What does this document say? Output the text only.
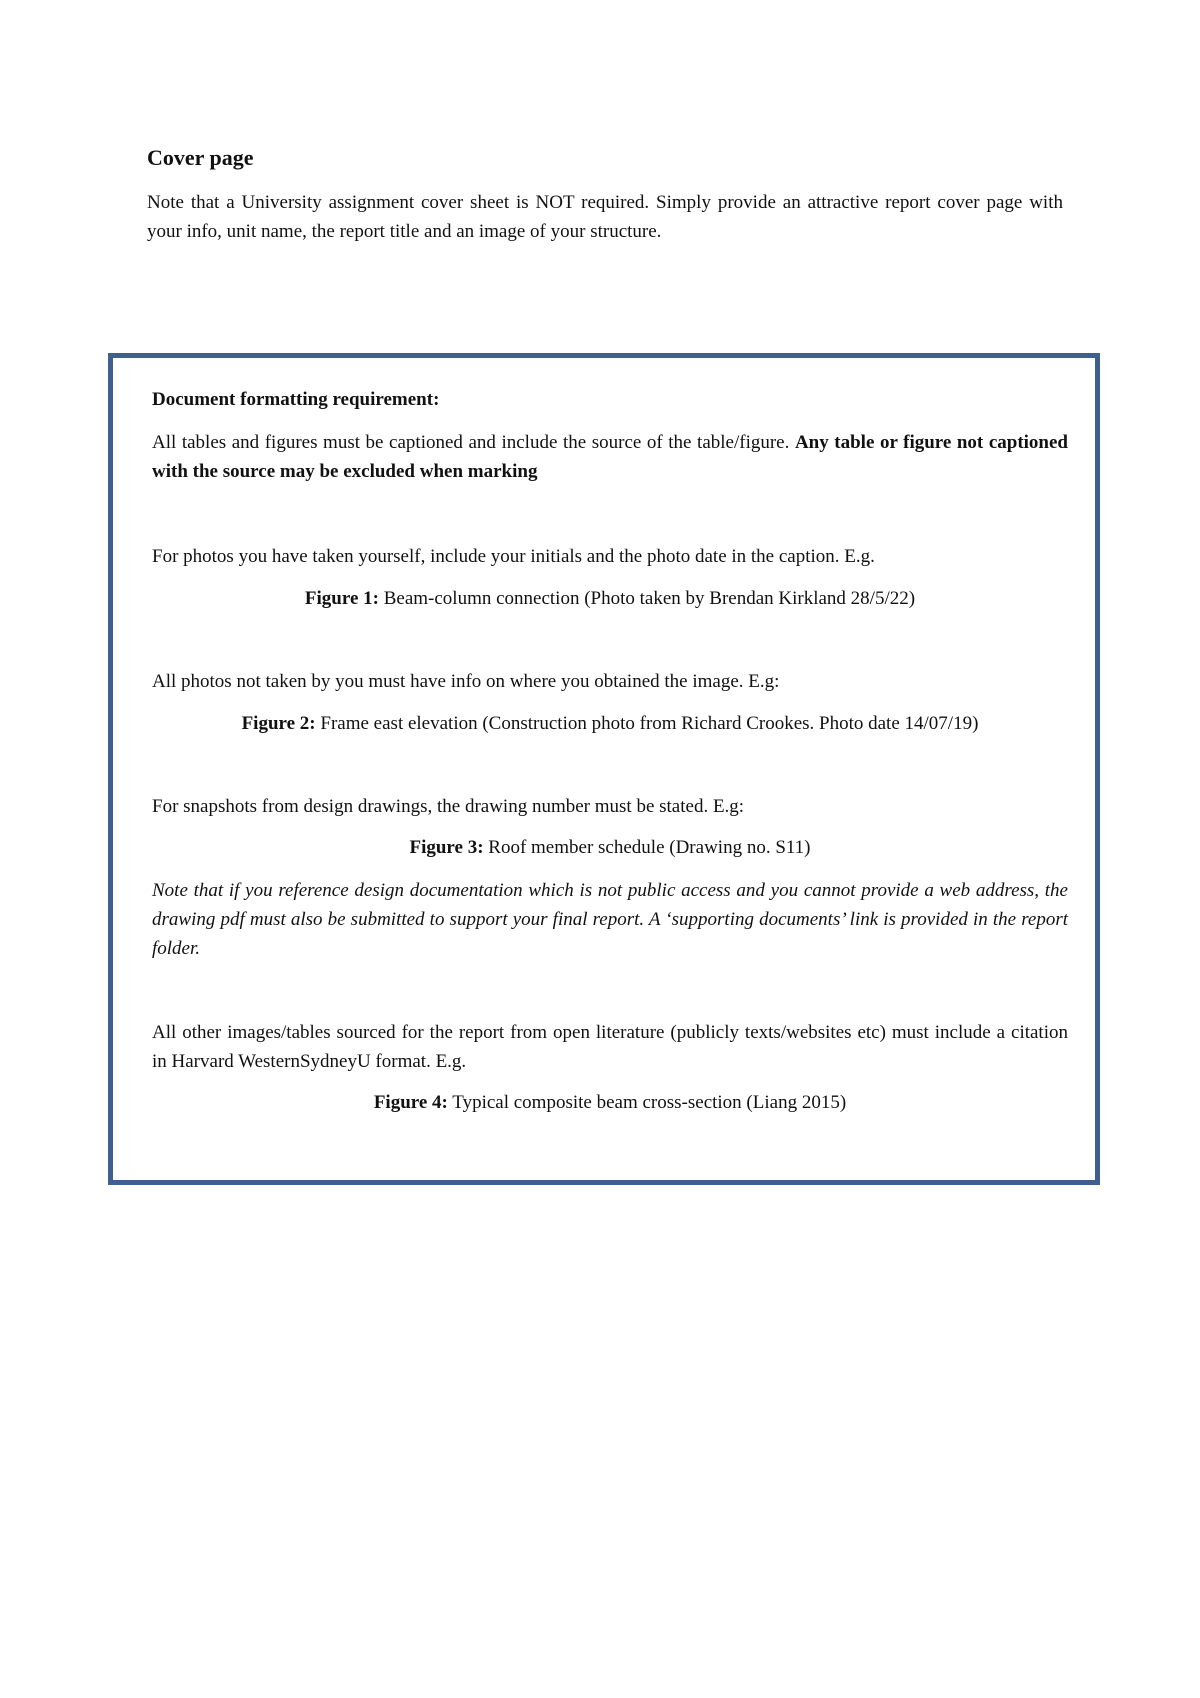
Cover page

Note that a University assignment cover sheet is NOT required. Simply provide an attractive report cover page with your info, unit name, the report title and an image of your structure.

Document formatting requirement:
All tables and figures must be captioned and include the source of the table/figure. Any table or figure not captioned with the source may be excluded when marking
For photos you have taken yourself, include your initials and the photo date in the caption. E.g.
Figure 1: Beam-column connection (Photo taken by Brendan Kirkland 28/5/22)
All photos not taken by you must have info on where you obtained the image. E.g:
Figure 2: Frame east elevation (Construction photo from Richard Crookes. Photo date 14/07/19)
For snapshots from design drawings, the drawing number must be stated. E.g:
Figure 3: Roof member schedule (Drawing no. S11)
Note that if you reference design documentation which is not public access and you cannot provide a web address, the drawing pdf must also be submitted to support your final report. A ‘supporting documents’ link is provided in the report folder.
All other images/tables sourced for the report from open literature (publicly texts/websites etc) must include a citation in Harvard WesternSydneyU format. E.g.
Figure 4: Typical composite beam cross-section (Liang 2015)
